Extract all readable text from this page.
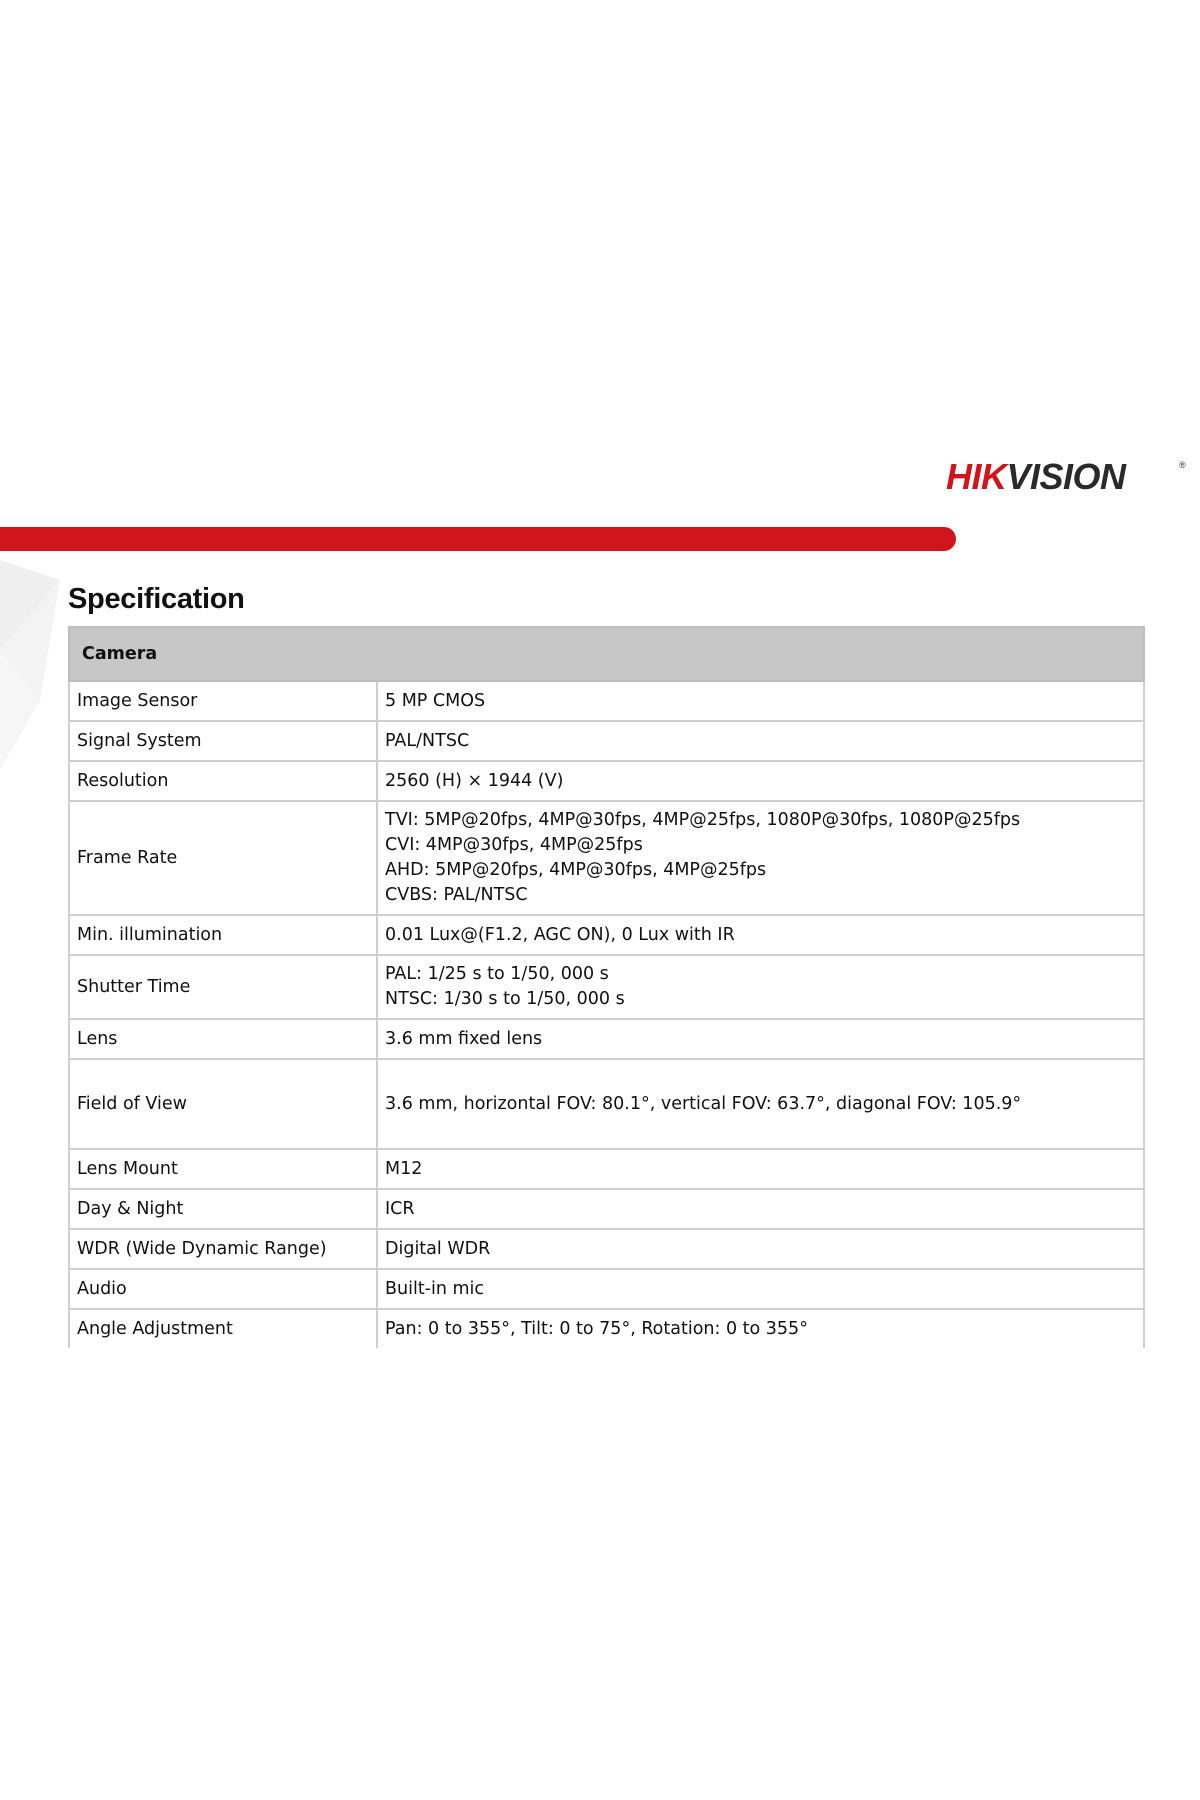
HIKVISION	®
Specification
Camera	
Image Sensor	5 MP CMOS

Signal System	PAL/NTSC

Resolution	2560 (H) × 1944 (V)

Frame Rate	TVI: 5MP@20fps, 4MP@30fps, 4MP@25fps, 1080P@30fps, 1080P@25fps
CVI: 4MP@30fps, 4MP@25fps
AHD: 5MP@20fps, 4MP@30fps, 4MP@25fps
CVBS: PAL/NTSC

Min. illumination	0.01 Lux@(F1.2, AGC ON), 0 Lux with IR

Shutter Time	PAL: 1/25 s to 1/50, 000 s
NTSC: 1/30 s to 1/50, 000 s

Lens	3.6 mm fixed lens

Field of View	3.6 mm, horizontal FOV: 80.1°, vertical FOV: 63.7°, diagonal FOV: 105.9°

Lens Mount	M12

Day & Night	ICR

WDR (Wide Dynamic Range)	Digital WDR

Audio	Built-in mic

Angle Adjustment	Pan: 0 to 355°, Tilt: 0 to 75°, Rotation: 0 to 355°
